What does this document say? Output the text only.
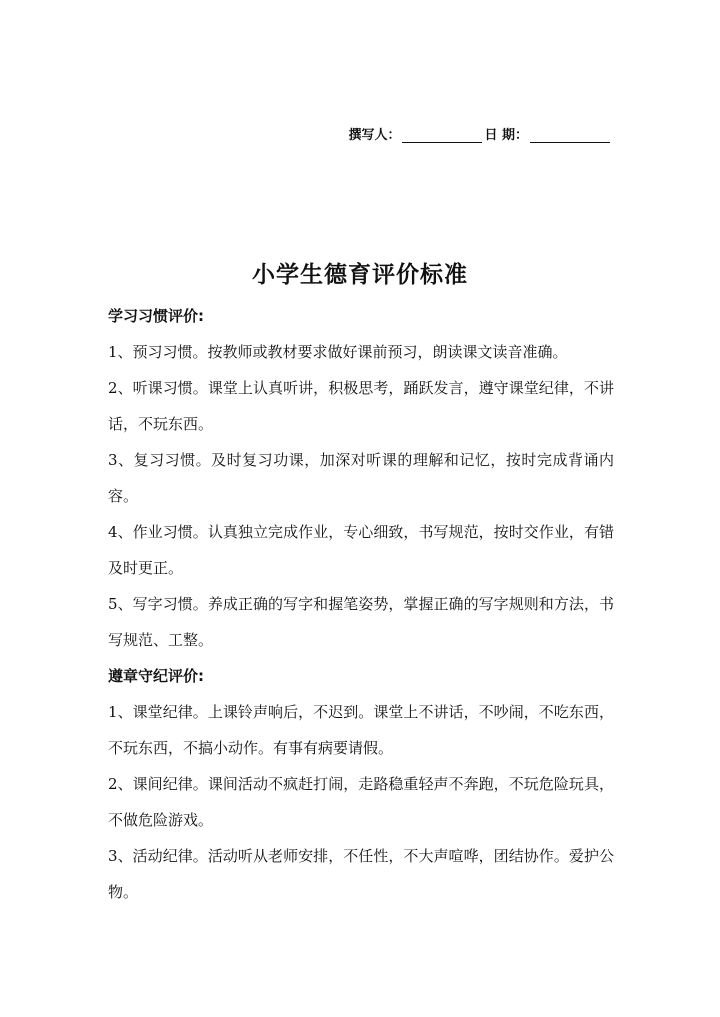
撰写人：	日 期：
小学生德育评价标准

学习习惯评价:

1、预习习惯。按教师或教材要求做好课前预习，朗读课文读音准确。

2、听课习惯。课堂上认真听讲，积极思考，踊跃发言，遵守课堂纪律，不讲话，不玩东西。

3、复习习惯。及时复习功课，加深对听课的理解和记忆，按时完成背诵内容。

4、作业习惯。认真独立完成作业，专心细致，书写规范，按时交作业，有错及时更正。

5、写字习惯。养成正确的写字和握笔姿势，掌握正确的写字规则和方法，书写规范、工整。

遵章守纪评价:

1、课堂纪律。上课铃声响后，不迟到。课堂上不讲话，不吵闹，不吃东西，不玩东西，不搞小动作。有事有病要请假。

2、课间纪律。课间活动不疯赶打闹，走路稳重轻声不奔跑，不玩危险玩具，不做危险游戏。

3、活动纪律。活动听从老师安排，不任性，不大声喧哗，团结协作。爱护公物。
